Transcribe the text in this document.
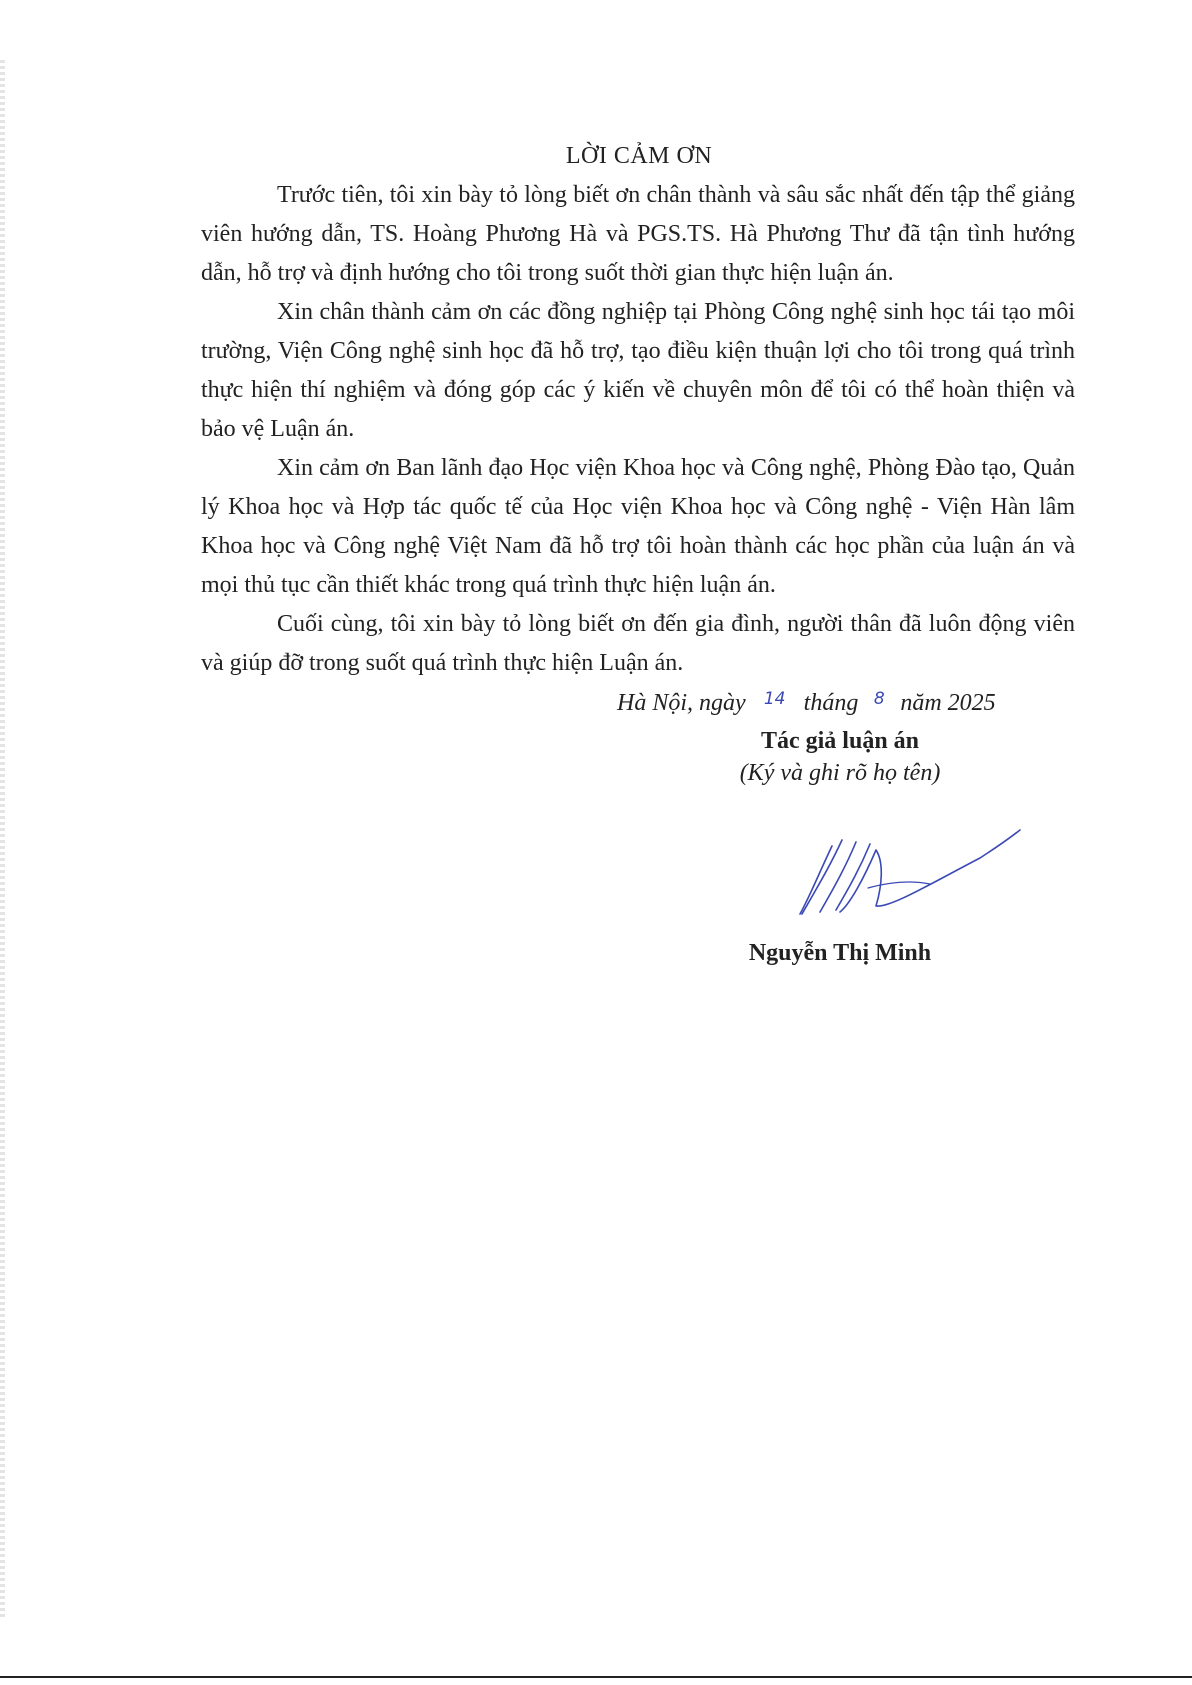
LỜI CẢM ƠN

Trước tiên, tôi xin bày tỏ lòng biết ơn chân thành và sâu sắc nhất đến tập thể giảng viên hướng dẫn, TS. Hoàng Phương Hà và PGS.TS. Hà Phương Thư đã tận tình hướng dẫn, hỗ trợ và định hướng cho tôi trong suốt thời gian thực hiện luận án.

Xin chân thành cảm ơn các đồng nghiệp tại Phòng Công nghệ sinh học tái tạo môi trường, Viện Công nghệ sinh học đã hỗ trợ, tạo điều kiện thuận lợi cho tôi trong quá trình thực hiện thí nghiệm và đóng góp các ý kiến về chuyên môn để tôi có thể hoàn thiện và bảo vệ Luận án.

Xin cảm ơn Ban lãnh đạo Học viện Khoa học và Công nghệ, Phòng Đào tạo, Quản lý Khoa học và Hợp tác quốc tế của Học viện Khoa học và Công nghệ - Viện Hàn lâm Khoa học và Công nghệ Việt Nam đã hỗ trợ tôi hoàn thành các học phần của luận án và mọi thủ tục cần thiết khác trong quá trình thực hiện luận án.

Cuối cùng, tôi xin bày tỏ lòng biết ơn đến gia đình, người thân đã luôn động viên và giúp đỡ trong suốt quá trình thực hiện Luận án.

Hà Nội, ngày 14 tháng 8 năm 2025
Tác giả luận án
(Ký và ghi rõ họ tên)
Nguyễn Thị Minh
